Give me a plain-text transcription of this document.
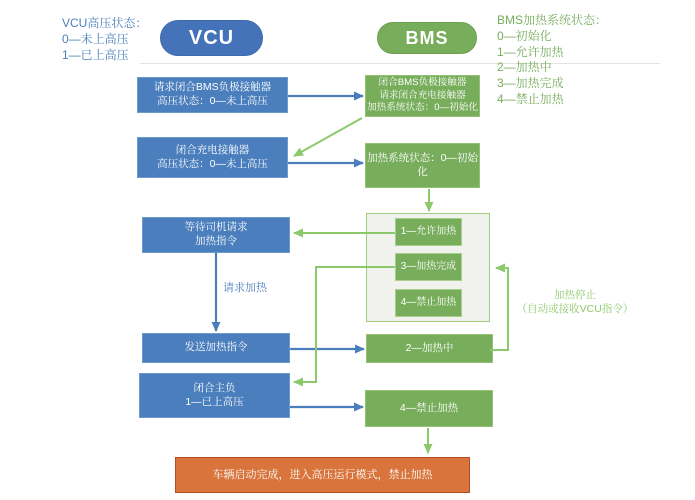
VCU高压状态：
0—未上高压
1—已上高压
VCU	BMS
BMS加热系统状态：
0—初始化
1—允许加热
2—加热中
3—加热完成
4—禁止加热
请求闭合BMS负极接触器
高压状态：0—未上高压
闭合BMS负极接触器
请求闭合充电接触器
加热系统状态：0—初始化
闭合充电接触器
高压状态：0—未上高压	加热系统状态：0—初始化
1—允许加热
3—加热完成
4—禁止加热
等待司机请求
加热指令
请求加热
发送加热指令	2—加热中
闭合主负
1—已上高压
4—禁止加热
加热停止
（自动或接收VCU指令）
车辆启动完成，进入高压运行模式，禁止加热
